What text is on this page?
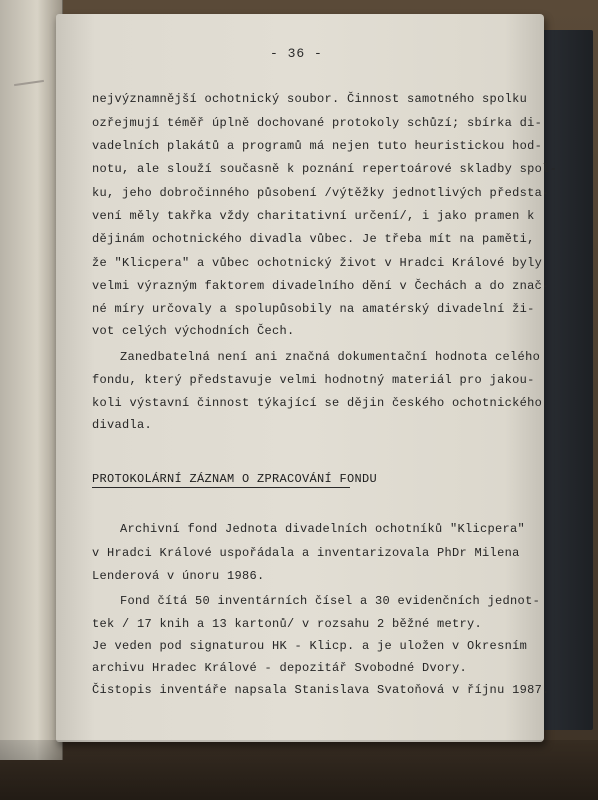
- 36 -
nejvýznamnější ochotnický soubor. Činnost samotného spolku
ozřejmují téměř úplně dochované protokoly schůzí; sbírka di-
vadelních plakátů a programů má nejen tuto heuristickou hod-
notu, ale slouží současně k poznání repertoárové skladby spol-
ku, jeho dobročinného působení /výtěžky jednotlivých předsta-
vení měly takřka vždy charitativní určení/, i jako pramen k
dějinám ochotnického divadla vůbec. Je třeba mít na paměti,
že "Klicpera" a vůbec ochotnický život v Hradci Králové byly
velmi výrazným faktorem divadelního dění v Čechách a do znač-
né míry určovaly a spolupůsobily na amatérský divadelní ži-
vot celých východních Čech.
Zanedbatelná není ani značná dokumentační hodnota celého
fondu, který představuje velmi hodnotný materiál pro jakou-
koli výstavní činnost týkající se dějin českého ochotnického
divadla.
PROTOKOLÁRNÍ ZÁZNAM O ZPRACOVÁNÍ FONDU
Archivní fond Jednota divadelních ochotníků "Klicpera"
v Hradci Králové uspořádala a inventarizovala PhDr Milena
Lenderová v únoru 1986.
Fond čítá 50 inventárních čísel a 30 evidenčních jednot-
tek / 17 knih a 13 kartonů/ v rozsahu 2 běžné metry.
Je veden pod signaturou HK - Klicp. a je uložen v Okresním
archivu Hradec Králové - depozitář Svobodné Dvory.
Čistopis inventáře napsala Stanislava Svatoňová v říjnu 1987.
